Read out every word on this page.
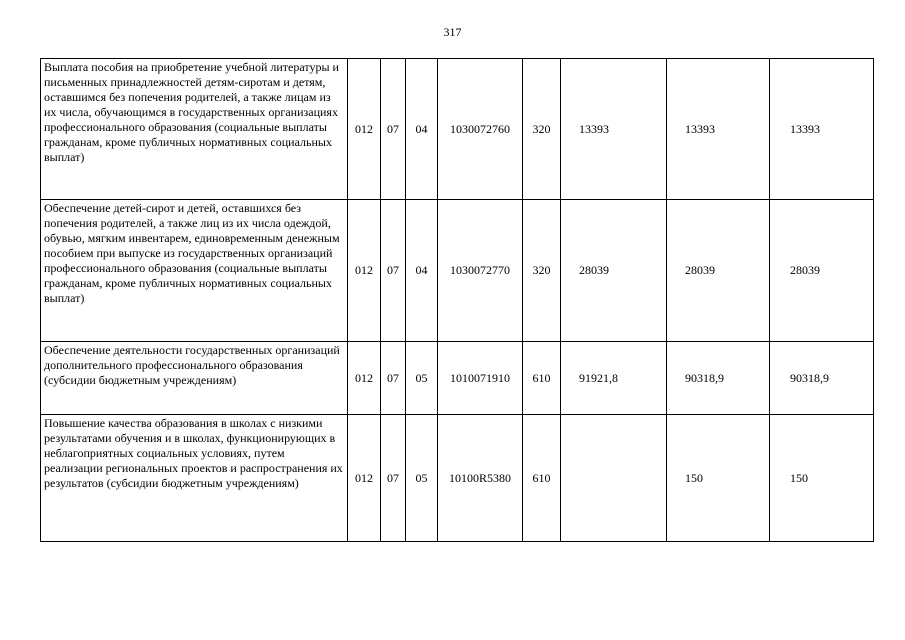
317
Выплата пособия на приобретение учебной литературы и письменных принадлежностей детям-сиротам и детям, оставшимся без попечения родителей, а также лицам из их числа, обучающимся в государственных организациях профессионального образования (социальные выплаты гражданам, кроме публичных нормативных социальных выплат)	012	07	04	1030072760	320	13393	13393	13393
Обеспечение детей-сирот и детей, оставшихся без попечения родителей, а также лиц из их числа одеждой, обувью, мягким инвентарем, единовременным денежным пособием при выпуске из государственных организаций профессионального образования (социальные выплаты гражданам, кроме публичных нормативных социальных выплат)	012	07	04	1030072770	320	28039	28039	28039
Обеспечение деятельности государственных организаций дополнительного профессионального образования (субсидии бюджетным учреждениям)	012	07	05	1010071910	610	91921,8	90318,9	90318,9
Повышение качества образования в школах с низкими результатами обучения и в школах, функционирующих в неблагоприятных социальных условиях, путем реализации региональных проектов и распространения их результатов (субсидии бюджетным учреждениям)	012	07	05	10100R5380	610		150	150
